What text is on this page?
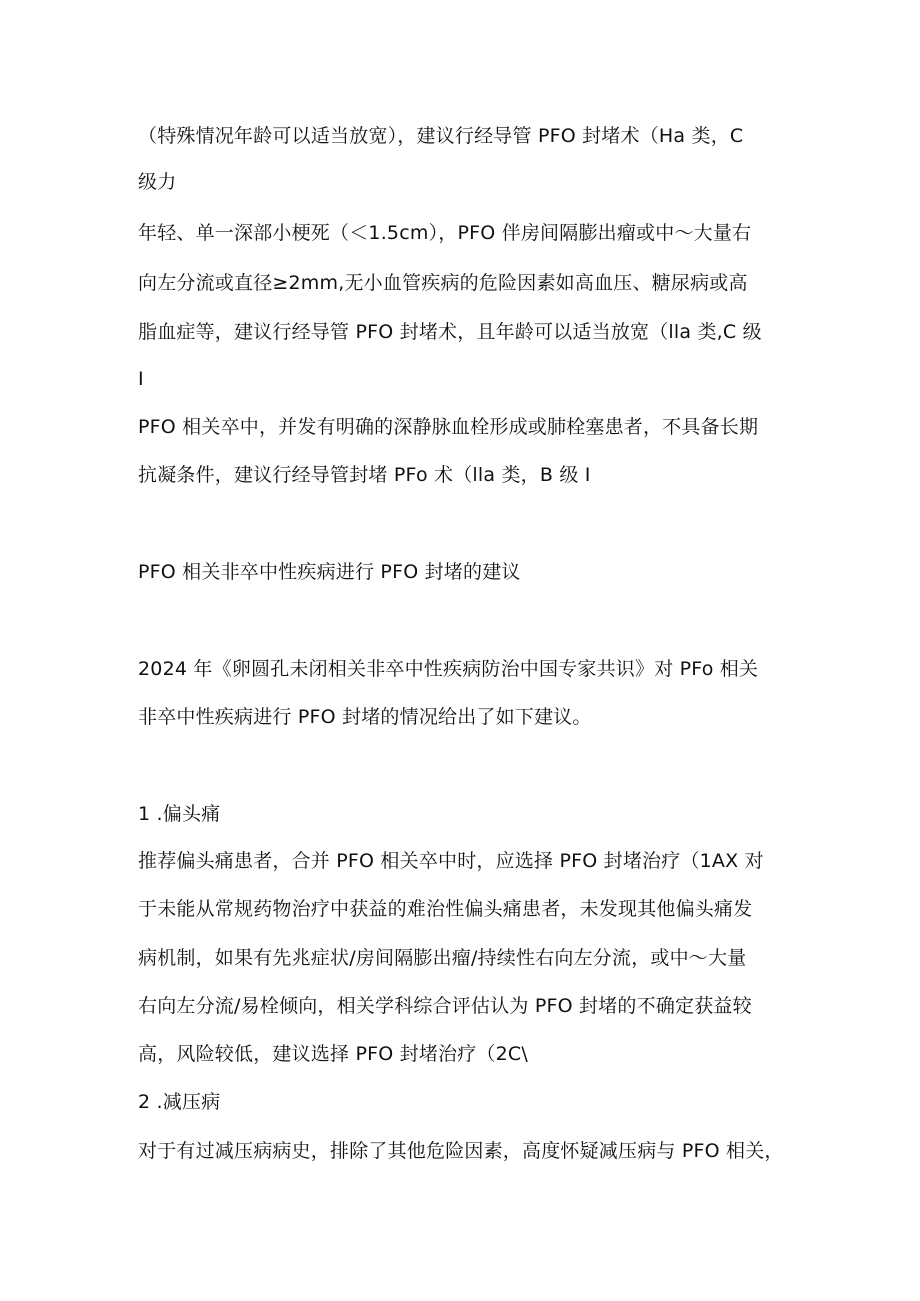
（特殊情况年龄可以适当放宽），建议行经导管 PFO 封堵术（Ha 类，C
级力
年轻、单一深部小梗死（＜1.5cm），PFO 伴房间隔膨出瘤或中〜大量右
向左分流或直径≥2mm,无小血管疾病的危险因素如高血压、糖尿病或高
脂血症等，建议行经导管 PFO 封堵术，且年龄可以适当放宽（lla 类,C 级
I
PFO 相关卒中，并发有明确的深静脉血栓形成或肺栓塞患者，不具备长期
抗凝条件，建议行经导管封堵 PFo 术（lla 类，B 级 I
PFO 相关非卒中性疾病进行 PFO 封堵的建议
2024 年《卵圆孔未闭相关非卒中性疾病防治中国专家共识》对 PFo 相关
非卒中性疾病进行 PFO 封堵的情况给出了如下建议。
1 .偏头痛
推荐偏头痛患者，合并 PFO 相关卒中时，应选择 PFO 封堵治疗（1AX 对
于未能从常规药物治疗中获益的难治性偏头痛患者，未发现其他偏头痛发
病机制，如果有先兆症状/房间隔膨出瘤/持续性右向左分流，或中〜大量
右向左分流/易栓倾向，相关学科综合评估认为 PFO 封堵的不确定获益较
高，风险较低，建议选择 PFO 封堵治疗（2C\
2 .减压病
对于有过减压病病史，排除了其他危险因素，高度怀疑减压病与 PFO 相关，
